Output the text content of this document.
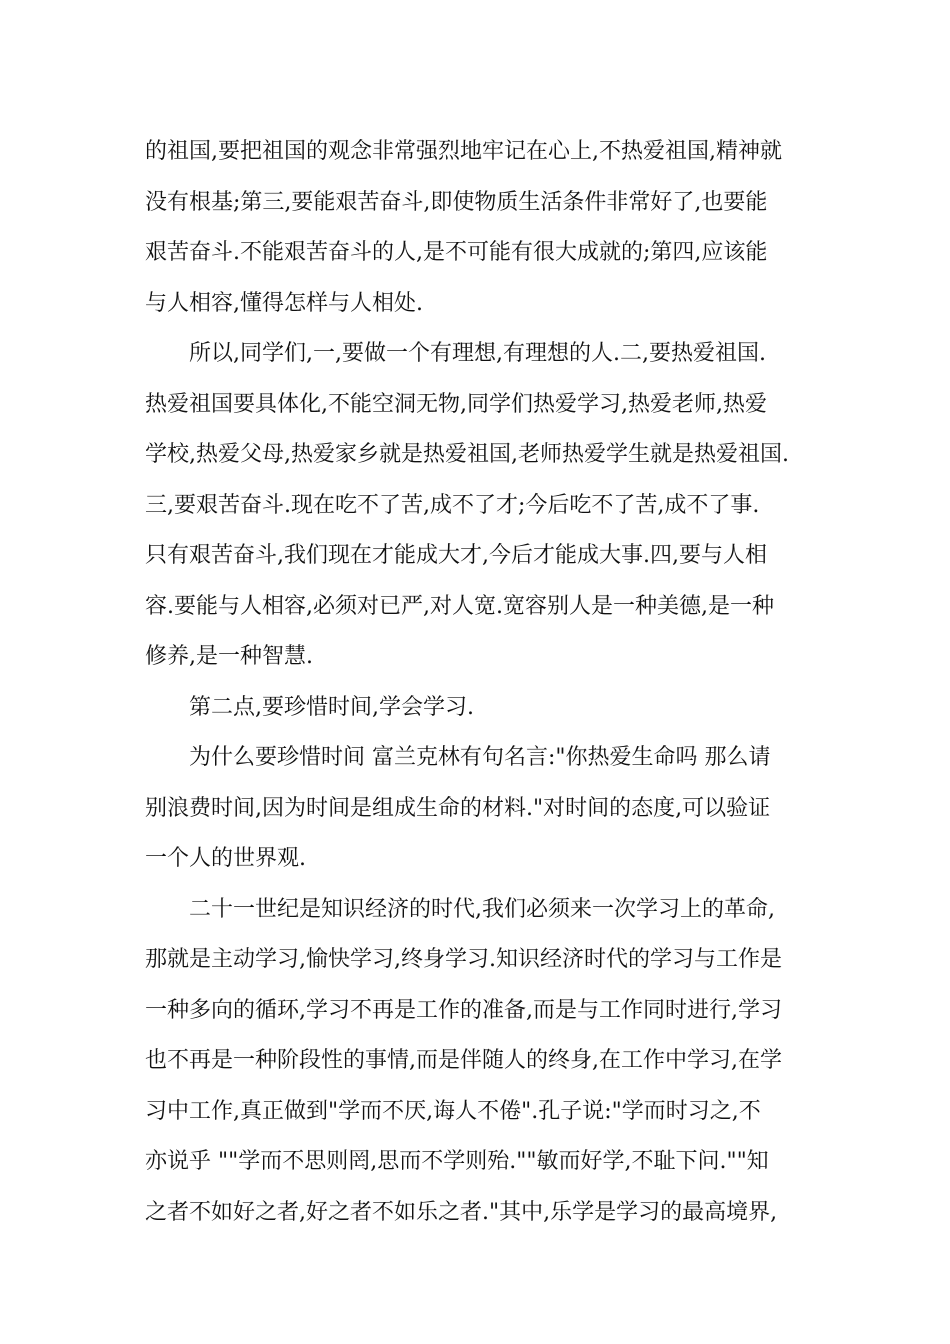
的祖国,要把祖国的观念非常强烈地牢记在心上,不热爱祖国,精神就
没有根基;第三,要能艰苦奋斗,即使物质生活条件非常好了,也要能
艰苦奋斗.不能艰苦奋斗的人,是不可能有很大成就的;第四,应该能
与人相容,懂得怎样与人相处.
所以,同学们,一,要做一个有理想,有理想的人.二,要热爱祖国.
热爱祖国要具体化,不能空洞无物,同学们热爱学习,热爱老师,热爱
学校,热爱父母,热爱家乡就是热爱祖国,老师热爱学生就是热爱祖国.
三,要艰苦奋斗.现在吃不了苦,成不了才;今后吃不了苦,成不了事.
只有艰苦奋斗,我们现在才能成大才,今后才能成大事.四,要与人相
容.要能与人相容,必须对已严,对人宽.宽容别人是一种美德,是一种
修养,是一种智慧.
第二点,要珍惜时间,学会学习.
为什么要珍惜时间 富兰克林有句名言:"你热爱生命吗 那么请
别浪费时间,因为时间是组成生命的材料."对时间的态度,可以验证
一个人的世界观.
二十一世纪是知识经济的时代,我们必须来一次学习上的革命,
那就是主动学习,愉快学习,终身学习.知识经济时代的学习与工作是
一种多向的循环,学习不再是工作的准备,而是与工作同时进行,学习
也不再是一种阶段性的事情,而是伴随人的终身,在工作中学习,在学
习中工作,真正做到"学而不厌,诲人不倦".孔子说:"学而时习之,不
亦说乎 ""学而不思则罔,思而不学则殆.""敏而好学,不耻下问.""知
之者不如好之者,好之者不如乐之者."其中,乐学是学习的最高境界,
